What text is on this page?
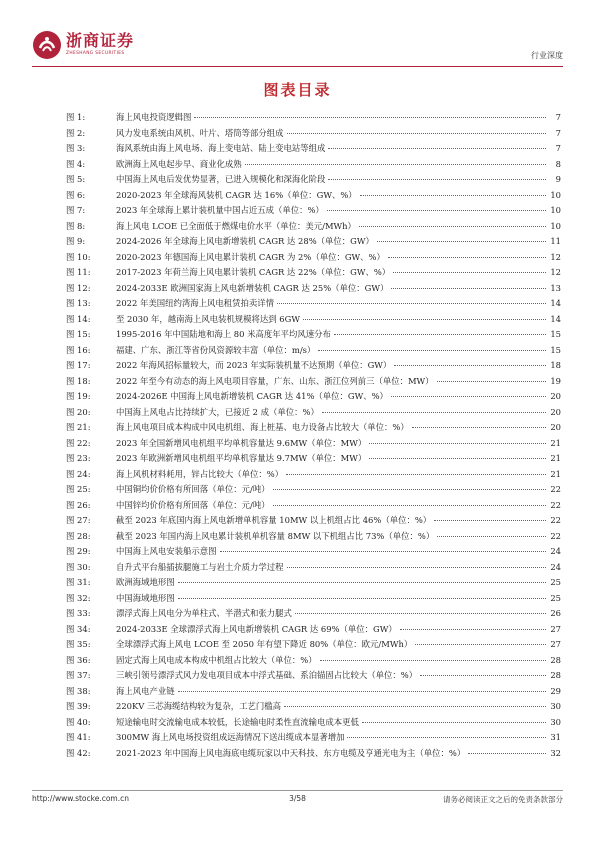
浙商证券
ZHESHANG SECURITIES	行业深度
图表目录
图 1:	海上风电投资逻辑图	7
图 2:	风力发电系统由风机、叶片、塔筒等部分组成	7
图 3:	海风系统由海上风电场、海上变电站、陆上变电站等组成	7
图 4:	欧洲海上风电起步早、商业化成熟	8
图 5:	中国海上风电后发优势显著，已进入规模化和深海化阶段	9
图 6:	2020-2023 年全球海风装机 CAGR 达 16%（单位：GW、%）	10
图 7:	2023 年全球海上累计装机量中国占近五成（单位：%）	10
图 8:	海上风电 LCOE 已全面低于燃煤电价水平（单位：美元/MWh）	10
图 9:	2024-2026 年全球海上风电新增装机 CAGR 达 28%（单位：GW）	11
图 10:	2020-2023 年德国海上风电累计装机 CAGR 为 2%（单位：GW、%）	12
图 11:	2017-2023 年荷兰海上风电累计装机 CAGR 达 22%（单位：GW、%）	12
图 12:	2024-2033E 欧洲国家海上风电新增装机 CAGR 达 25%（单位：GW）	13
图 13:	2022 年美国纽约湾海上风电租赁拍卖详情	14
图 14:	至 2030 年，越南海上风电装机规模将达到 6GW	14
图 15:	1995-2016 年中国陆地和海上 80 米高度年平均风速分布	15
图 16:	福建、广东、浙江等省份风资源较丰富（单位：m/s）	15
图 17:	2022 年海风招标量较大，而 2023 年实际装机量不达预期（单位：GW）	18
图 18:	2022 年至今有动态的海上风电项目容量，广东、山东、浙江位列前三（单位：MW）	19
图 19:	2024-2026E 中国海上风电新增装机 CAGR 达 41%（单位：GW、%）	20
图 20:	中国海上风电占比持续扩大，已接近 2 成（单位：%）	20
图 21:	海上风电项目成本构成中风电机组、海上桩基、电力设备占比较大（单位：%）	20
图 22:	2023 年全国新增风电机组平均单机容量达 9.6MW（单位：MW）	21
图 23:	2023 年欧洲新增风电机组平均单机容量达 9.7MW（单位：MW）	21
图 24:	海上风机材料耗用，锌占比较大（单位：%）	21
图 25:	中国铜均价价格有所回落（单位：元/吨）	22
图 26:	中国锌均价价格有所回落（单位：元/吨）	22
图 27:	截至 2023 年底国内海上风电新增单机容量 10MW 以上机组占比 46%（单位：%）	22
图 28:	截至 2023 年国内海上风电累计装机单机容量 8MW 以下机组占比 73%（单位：%）	22
图 29:	中国海上风电安装船示意图	24
图 30:	自升式平台船插拔腿施工与岩土介质力学过程	24
图 31:	欧洲海域地形图	25
图 32:	中国海域地形图	25
图 33:	漂浮式海上风电分为单柱式、半潜式和张力腿式	26
图 34:	2024-2033E 全球漂浮式海上风电新增装机 CAGR 达 69%（单位：GW）	27
图 35:	全球漂浮式海上风电 LCOE 至 2050 年有望下降近 80%（单位：欧元/MWh）	27
图 36:	固定式海上风电成本构成中机组占比较大（单位：%）	28
图 37:	三峡引领号漂浮式风力发电项目成本中浮式基础、系泊锚固占比较大（单位：%）	28
图 38:	海上风电产业链	29
图 39:	220KV 三芯海缆结构较为复杂，工艺门槛高	30
图 40:	短途输电时交流输电成本较低，长途输电时柔性直流输电成本更低	30
图 41:	300MW 海上风电场投资组成远海情况下送出缆成本显著增加	31
图 42:	2021-2023 年中国海上风电海底电缆玩家以中天科技、东方电缆及亨通光电为主（单位：%）	32
http://www.stocke.com.cn	3/58	请务必阅读正文之后的免责条款部分
